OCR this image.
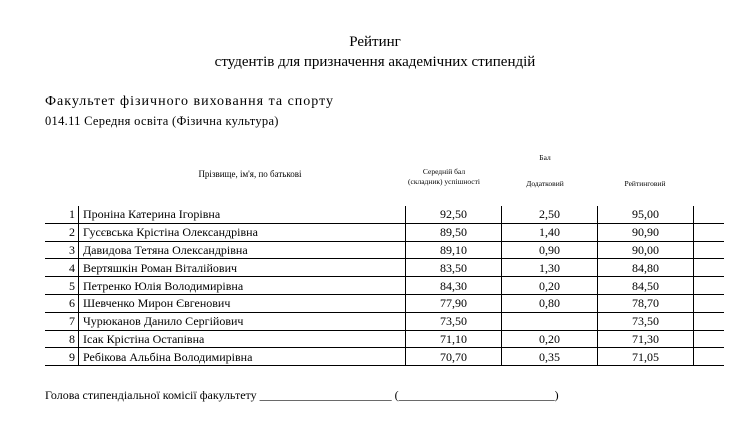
Рейтинг
студентів для призначення академічних стипендій
Факультет фізичного виховання та спорту
014.11 Середня освіта (Фізична культура)
Прізвище, ім'я, по батькові
Бал
Середній бал (складник) успішності	Додатковий	Рейтинговий
1	Проніна Катерина Ігорівна	92,50	2,50	95,00	
2	Гусєвська Крістіна Олександрівна	89,50	1,40	90,90	
3	Давидова Тетяна Олександрівна	89,10	0,90	90,00	
4	Вертяшкін Роман Віталійович	83,50	1,30	84,80	
5	Петренко Юлія Володимирівна	84,30	0,20	84,50	
6	Шевченко Мирон Євгенович	77,90	0,80	78,70	
7	Чурюканов Данило Сергійович	73,50		73,50	
8	Ісак Крістіна Остапівна	71,10	0,20	71,30	
9	Ребікова Альбіна Володимирівна	70,70	0,35	71,05	
Голова стипендіальної комісії факультету ______________________ (__________________________)
